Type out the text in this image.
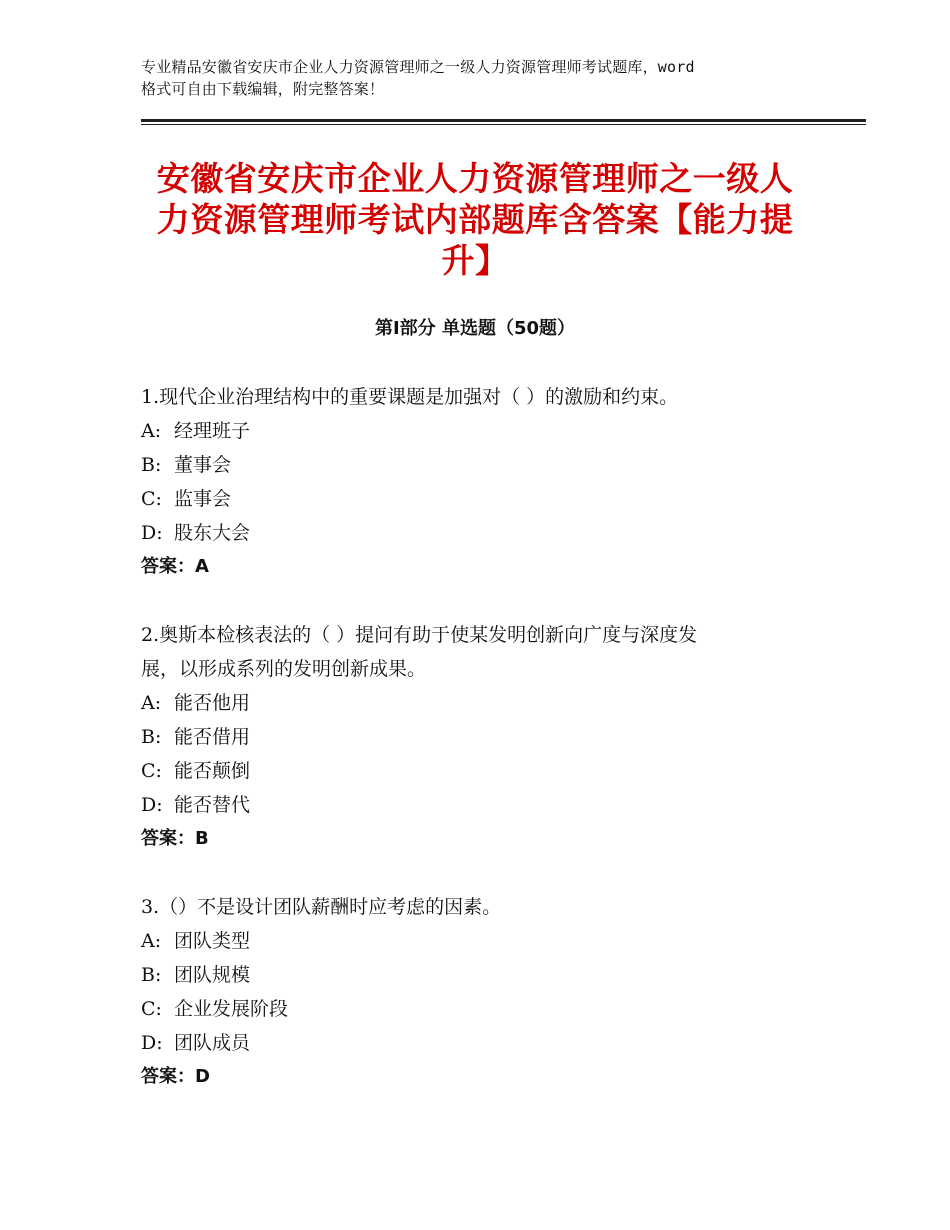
专业精品安徽省安庆市企业人力资源管理师之一级人力资源管理师考试题库，word
格式可自由下载编辑，附完整答案！
安徽省安庆市企业人力资源管理师之一级人
力资源管理师考试内部题库含答案【能力提
升】
第Ⅰ部分 单选题（50题）

1.现代企业治理结构中的重要课题是加强对（ ）的激励和约束。

A: 经理班子

B: 董事会

C: 监事会

D: 股东大会

答案：A

2.奥斯本检核表法的（ ）提问有助于使某发明创新向广度与深度发

展，以形成系列的发明创新成果。

A: 能否他用

B: 能否借用

C: 能否颠倒

D: 能否替代

答案：B

3.（）不是设计团队薪酬时应考虑的因素。

A: 团队类型

B: 团队规模

C: 企业发展阶段

D: 团队成员

答案：D
